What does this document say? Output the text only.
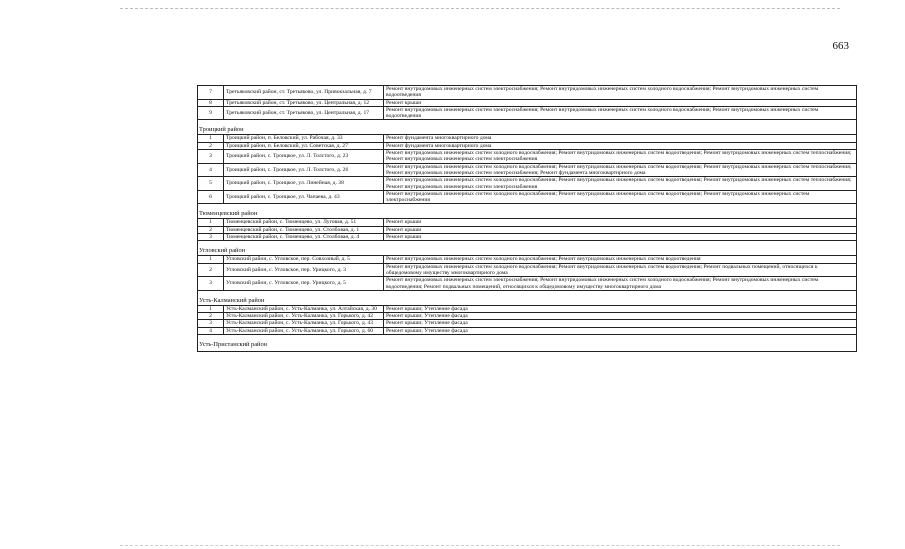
663
7	Третьяковский район, ст. Третьяково, ул. Привокзальная, д. 7	Ремонт внутридомовых инженерных систем электроснабжения; Ремонт внутридомовых инженерных систем холодного водоснабжения; Ремонт внутридомовых инженерных систем водоотведения
8	Третьяковский район, ст. Третьяково, ул. Центральная, д. 12	Ремонт крыши
9	Третьяковский район, ст. Третьяково, ул. Центральная, д. 17	Ремонт внутридомовых инженерных систем электроснабжения; Ремонт внутридомовых инженерных систем холодного водоснабжения; Ремонт внутридомовых инженерных систем водоотведения
Троицкий район		
1	Троицкий район, п. Беловский, ул. Рабочая, д. 33	Ремонт фундамента многоквартирного дома
2	Троицкий район, п. Беловский, ул. Советская, д. 27	Ремонт фундамента многоквартирного дома
3	Троицкий район, с. Троицкое, ул. Л. Толстого, д. 23	Ремонт внутридомовых инженерных систем холодного водоснабжения; Ремонт внутридомовых инженерных систем водоотведения; Ремонт внутридомовых инженерных систем теплоснабжения; Ремонт внутридомовых инженерных систем электроснабжения
4	Троицкий район, с. Троицкое, ул. Л. Толстого, д. 26	Ремонт внутридомовых инженерных систем холодного водоснабжения; Ремонт внутридомовых инженерных систем водоотведения; Ремонт внутридомовых инженерных систем теплоснабжения; Ремонт внутридомовых инженерных систем электроснабжения; Ремонт фундамента многоквартирного дома
5	Троицкий район, с. Троицкое, ул. Линейная, д. 38	Ремонт внутридомовых инженерных систем холодного водоснабжения; Ремонт внутридомовых инженерных систем водоотведения; Ремонт внутридомовых инженерных систем теплоснабжения; Ремонт внутридомовых инженерных систем электроснабжения
6	Троицкий район, с. Троицкое, ул. Чапаева, д. 43	Ремонт внутридомовых инженерных систем холодного водоснабжения; Ремонт внутридомовых инженерных систем водоотведения; Ремонт внутридомовых инженерных систем электроснабжения
Тюменцевский район		
1	Тюменцевский район, с. Тюменцево, ул. Луговая, д. 51	Ремонт крыши
2	Тюменцевский район, с. Тюменцево, ул. Столбовая, д. 1	Ремонт крыши
3	Тюменцевский район, с. Тюменцево, ул. Столбовая, д. 4	Ремонт крыши
Угловский район		
1	Угловский район, с. Угловское, пер. Совхозный, д. 5	Ремонт внутридомовых инженерных систем холодного водоснабжения; Ремонт внутридомовых инженерных систем водоотведения
2	Угловский район, с. Угловское, пер. Урицкого, д. 3	Ремонт внутридомовых инженерных систем холодного водоснабжения; Ремонт внутридомовых инженерных систем водоотведения; Ремонт подвальных помещений, относящихся к общедомовому имуществу многоквартирного дома
3	Угловский район, с. Угловское, пер. Урицкого, д. 5	Ремонт внутридомовых инженерных систем электроснабжения; Ремонт внутридомовых инженерных систем холодного водоснабжения; Ремонт внутридомовых инженерных систем водоотведения; Ремонт подвальных помещений, относящихся к общедомовому имуществу многоквартирного дома
Усть-Калманский район		
1	Усть-Калманский район, с. Усть-Калманка, ул. Алтайская, д. 30	Ремонт крыши; Утепление фасада
2	Усть-Калманский район, с. Усть-Калманка, ул. Горького, д. 42	Ремонт крыши; Утепление фасада
3	Усть-Калманский район, с. Усть-Калманка, ул. Горького, д. 43	Ремонт крыши; Утепление фасада
4	Усть-Калманский район, с. Усть-Калманка, ул. Горького, д. 60	Ремонт крыши; Утепление фасада
Усть-Пристанский район		
